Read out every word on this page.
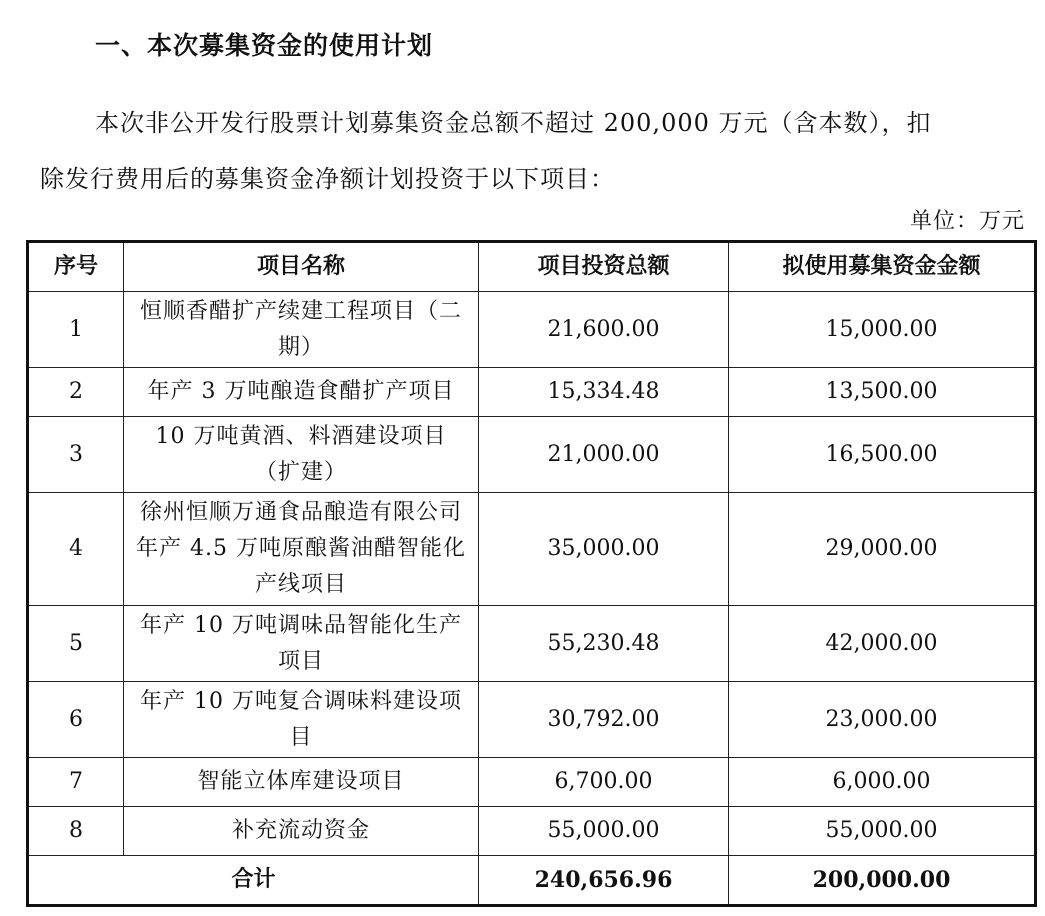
一、本次募集资金的使用计划

本次非公开发行股票计划募集资金总额不超过 200,000 万元（含本数），扣

除发行费用后的募集资金净额计划投资于以下项目：

单位：万元
序号	项目名称	项目投资总额	拟使用募集资金金额
1	恒顺香醋扩产续建工程项目（二期）	21,600.00	15,000.00
2	年产 3 万吨酿造食醋扩产项目	15,334.48	13,500.00
3	10 万吨黄酒、料酒建设项目（扩建）	21,000.00	16,500.00
4	徐州恒顺万通食品酿造有限公司年产 4.5 万吨原酿酱油醋智能化产线项目	35,000.00	29,000.00
5	年产 10 万吨调味品智能化生产项目	55,230.48	42,000.00
6	年产 10 万吨复合调味料建设项目	30,792.00	23,000.00
7	智能立体库建设项目	6,700.00	6,000.00
8	补充流动资金	55,000.00	55,000.00
合计		240,656.96	200,000.00
